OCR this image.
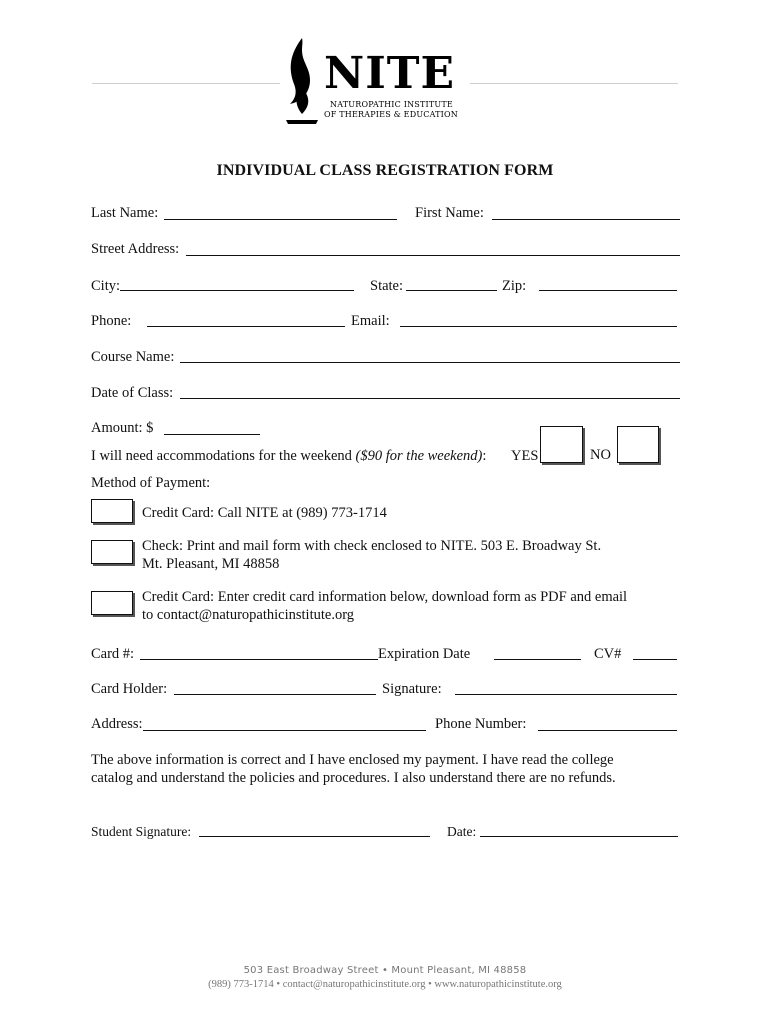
NITE
NATUROPATHIC INSTITUTE
OF THERAPIES & EDUCATION
INDIVIDUAL CLASS REGISTRATION FORM
Last Name:	First Name:
Street Address:
City:	State:	Zip:
Phone:	Email:
Course Name:
Date of Class:
Amount: $
I will need accommodations for the weekend ($90 for the weekend): YES	NO
Method of Payment:
Credit Card: Call NITE at (989) 773-1714
Check: Print and mail form with check enclosed to NITE. 503 E. Broadway St.
Mt. Pleasant, MI 48858
Credit Card: Enter credit card information below, download form as PDF and email
to contact@naturopathicinstitute.org
Card #:	Expiration Date	CV#
Card Holder:	Signature:
Address:	Phone Number:
The above information is correct and I have enclosed my payment. I have read the college
catalog and understand the policies and procedures. I also understand there are no refunds.
Student Signature:	Date:
503 East Broadway Street • Mount Pleasant, MI 48858
(989) 773-1714 • contact@naturopathicinstitute.org • www.naturopathicinstitute.org
